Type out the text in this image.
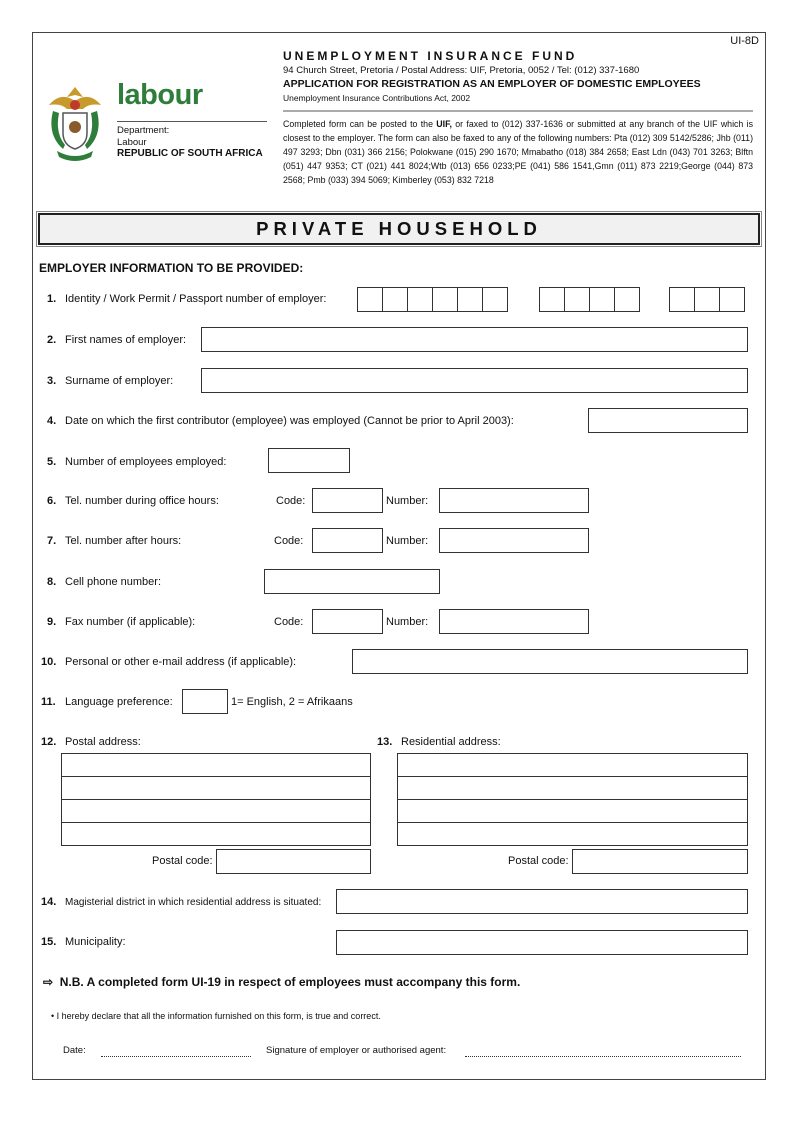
UI-8D
labour
Department:
Labour
REPUBLIC OF SOUTH AFRICA
UNEMPLOYMENT INSURANCE FUND
94 Church Street, Pretoria / Postal Address: UIF, Pretoria, 0052 / Tel: (012) 337-1680
APPLICATION FOR REGISTRATION AS AN EMPLOYER OF DOMESTIC EMPLOYEES
Unemployment Insurance Contributions Act, 2002
Completed form can be posted to the UIF, or faxed to (012) 337-1636 or submitted at any branch of the UIF which is closest to the employer. The form can also be faxed to any of the following numbers: Pta (012) 309 5142/5286; Jhb (011) 497 3293; Dbn (031) 366 2156; Polokwane (015) 290 1670; Mmabatho (018) 384 2658; East Ldn (043) 701 3263; Blftn (051) 447 9353; CT (021) 441 8024;Wtb (013) 656 0233;PE (041) 586 1541,Gmn (011) 873 2219;George (044) 873 2568; Pmb (033) 394 5069; Kimberley (053) 832 7218
PRIVATE HOUSEHOLD
EMPLOYER INFORMATION TO BE PROVIDED:
1. Identity / Work Permit / Passport number of employer:
2. First names of employer:
3. Surname of employer:
4. Date on which the first contributor (employee) was employed (Cannot be prior to April 2003):
5. Number of employees employed:
6. Tel. number during office hours:	Code:	Number:
7. Tel. number after hours:	Code:	Number:
8. Cell phone number:
9. Fax number (if applicable):	Code:	Number:
10. Personal or other e-mail address (if applicable):
11. Language preference:	1= English, 2 = Afrikaans
12. Postal address:
Postal code:
13. Residential address:
Postal code:
14. Magisterial district in which residential address is situated:
15. Municipality:
⇨ N.B. A completed form UI-19 in respect of employees must accompany this form.
• I hereby declare that all the information furnished on this form, is true and correct.
Date:	Signature of employer or authorised agent:
